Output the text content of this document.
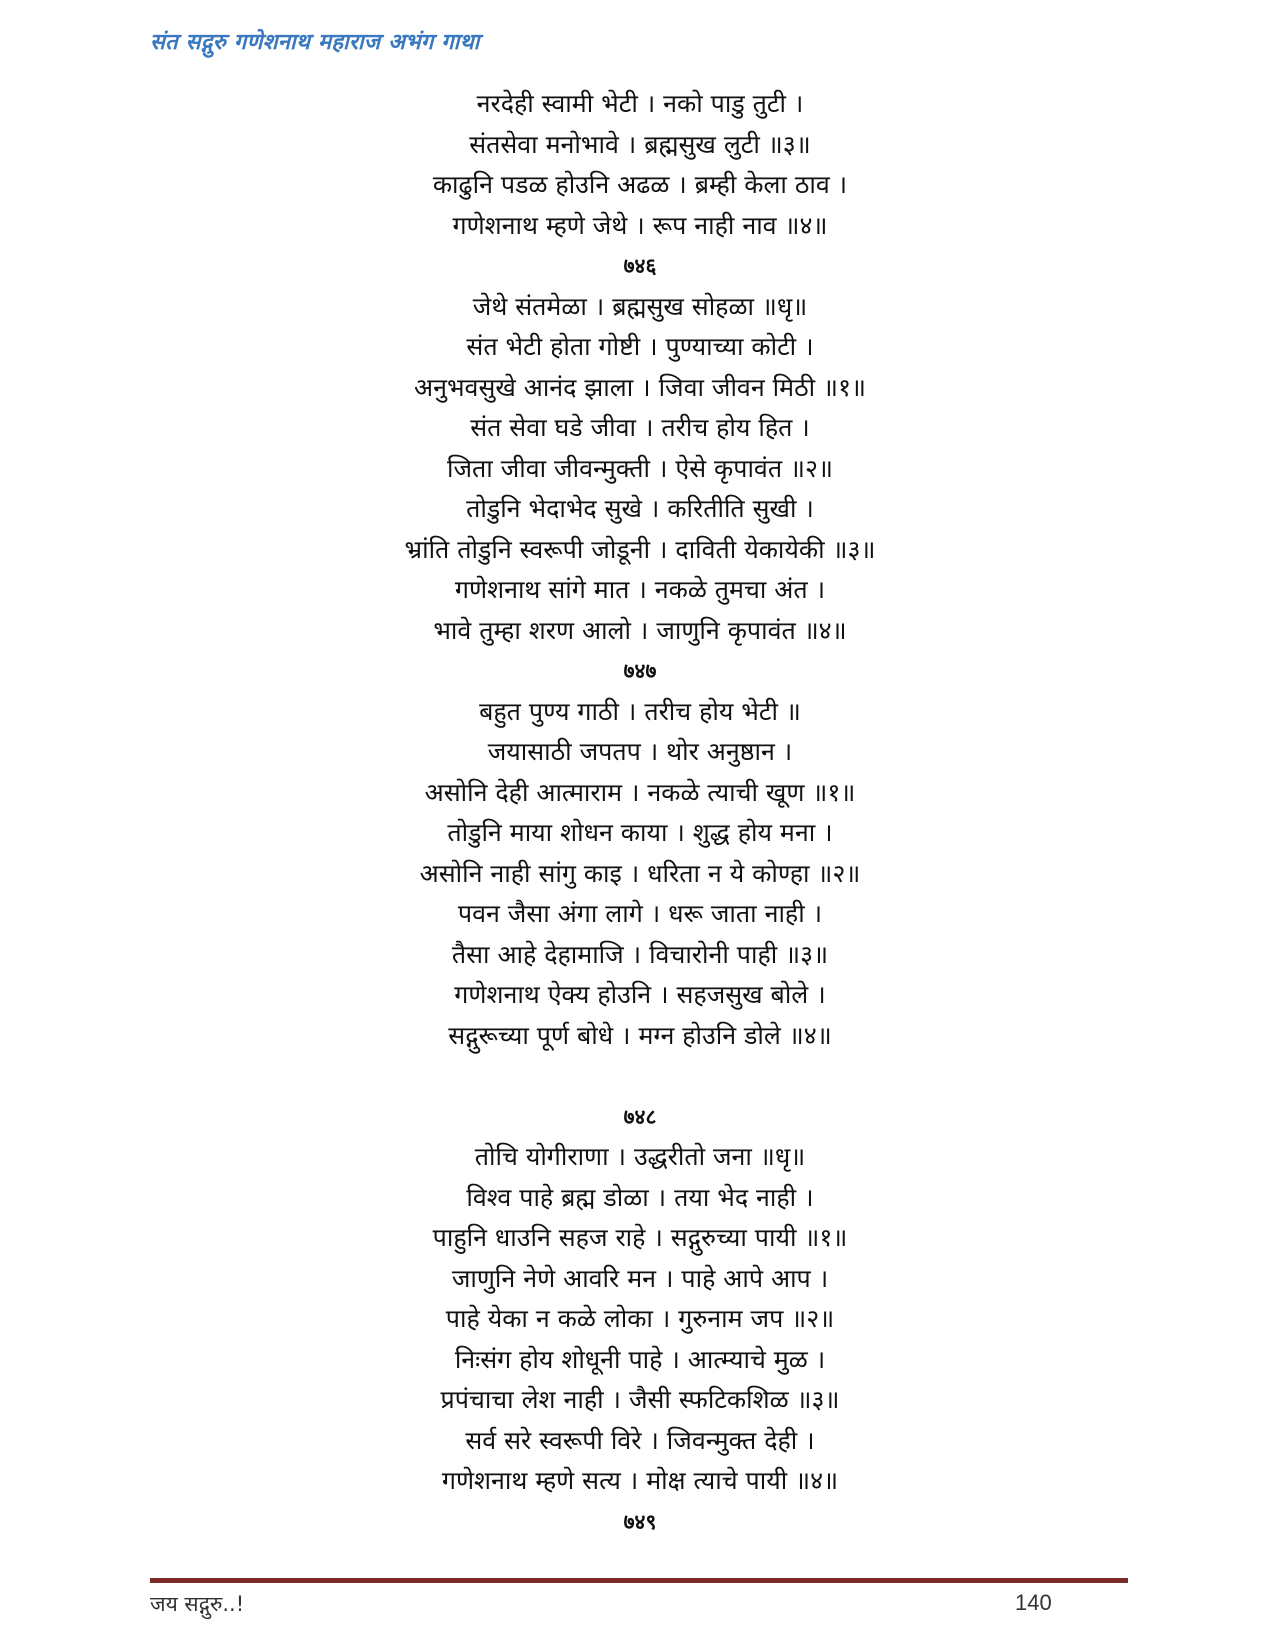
संत सद्गुरु गणेशनाथ महाराज अभंग गाथा
नरदेही स्वामी भेटी । नको पाडु तुटी ।
संतसेवा मनोभावे । ब्रह्मसुख लुटी ॥३॥
काढुनि पडळ होउनि अढळ । ब्रम्ही केला ठाव ।
गणेशनाथ म्हणे जेथे । रूप नाही नाव ॥४॥
७४६
जेथे संतमेळा । ब्रह्मसुख सोहळा ॥धृ॥
संत भेटी होता गोष्टी । पुण्याच्या कोटी ।
अनुभवसुखे आनंद झाला । जिवा जीवन मिठी ॥१॥
संत सेवा घडे जीवा । तरीच होय हित ।
जिता जीवा जीवन्मुक्ती । ऐसे कृपावंत ॥२॥
तोडुनि भेदाभेद सुखे । करितीति सुखी ।
भ्रांति तोडुनि स्वरूपी जोडूनी । दाविती येकायेकी ॥३॥
गणेशनाथ सांगे मात । नकळे तुमचा अंत ।
भावे तुम्हा शरण आलो । जाणुनि कृपावंत ॥४॥
७४७
बहुत पुण्य गाठी । तरीच होय भेटी ॥
जयासाठी जपतप । थोर अनुष्ठान ।
असोनि देही आत्माराम । नकळे त्याची खूण ॥१॥
तोडुनि माया शोधन काया । शुद्ध होय मना ।
असोनि नाही सांगु काइ । धरिता न ये कोण्हा ॥२॥
पवन जैसा अंगा लागे । धरू जाता नाही ।
तैसा आहे देहामाजि । विचारोनी पाही ॥३॥
गणेशनाथ ऐक्य होउनि । सहजसुख बोले ।
सद्गुरूच्या पूर्ण बोधे । मग्न होउनि डोले ॥४॥
७४८
तोचि योगीराणा । उद्धरीतो जना ॥धृ॥
विश्व पाहे ब्रह्म डोळा । तया भेद नाही ।
पाहुनि धाउनि सहज राहे । सद्गुरुच्या पायी ॥१॥
जाणुनि नेणे आवरि मन । पाहे आपे आप ।
पाहे येका न कळे लोका । गुरुनाम जप ॥२॥
निःसंग होय शोधूनी पाहे । आत्म्याचे मुळ ।
प्रपंचाचा लेश नाही । जैसी स्फटिकशिळ ॥३॥
सर्व सरे स्वरूपी विरे । जिवन्मुक्त देही ।
गणेशनाथ म्हणे सत्य । मोक्ष त्याचे पायी ॥४॥
७४९
जय सद्गुरु..!	140
